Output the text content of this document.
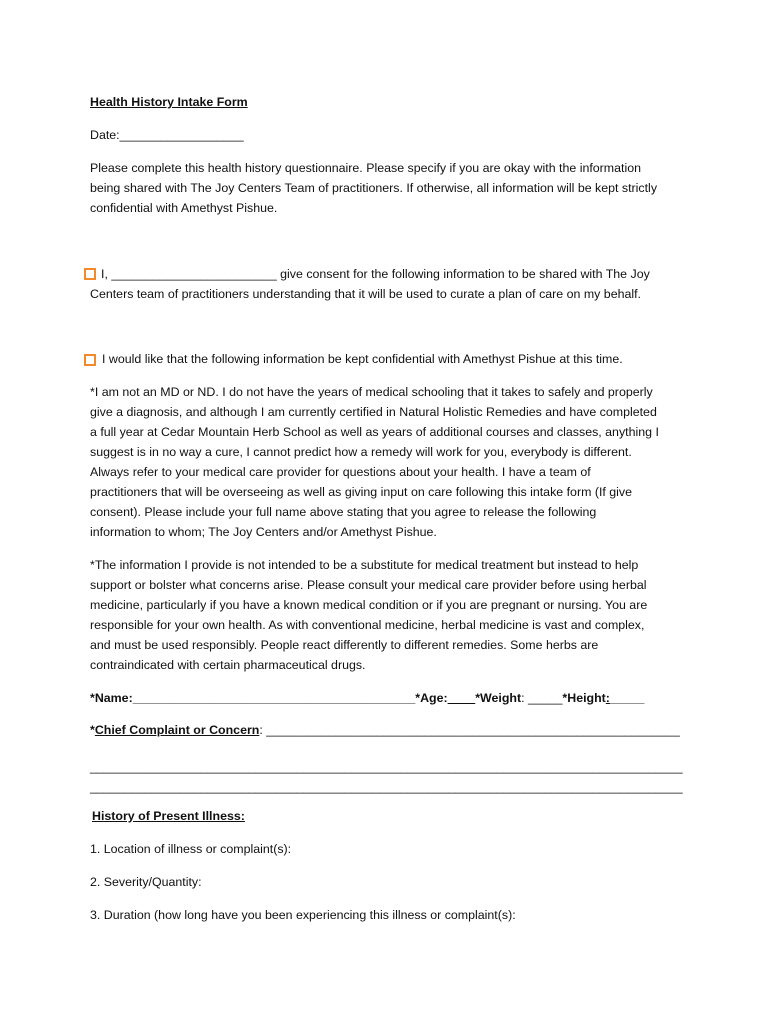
Health History Intake Form
Date:__________________
Please complete this health history questionnaire. Please specify if you are okay with the information
being shared with The Joy Centers Team of practitioners. If otherwise, all information will be kept strictly
confidential with Amethyst Pishue.
I, ________________________ give consent for the following information to be shared with The Joy
Centers team of practitioners understanding that it will be used to curate a plan of care on my behalf.
I would like that the following information be kept confidential with Amethyst Pishue at this time.
*I am not an MD or ND. I do not have the years of medical schooling that it takes to safely and properly
give a diagnosis, and although I am currently certified in Natural Holistic Remedies and have completed
a full year at Cedar Mountain Herb School as well as years of additional courses and classes, anything I
suggest is in no way a cure, I cannot predict how a remedy will work for you, everybody is different.
Always refer to your medical care provider for questions about your health. I have a team of
practitioners that will be overseeing as well as giving input on care following this intake form (If give
consent). Please include your full name above stating that you agree to release the following
information to whom; The Joy Centers and/or Amethyst Pishue.
*The information I provide is not intended to be a substitute for medical treatment but instead to help
support or bolster what concerns arise. Please consult your medical care provider before using herbal
medicine, particularly if you have a known medical condition or if you are pregnant or nursing. You are
responsible for your own health. As with conventional medicine, herbal medicine is vast and complex,
and must be used responsibly. People react differently to different remedies. Some herbs are
contraindicated with certain pharmaceutical drugs.
*Name:_________________________________________*Age:____*Weight: _____*Height:_____
*Chief Complaint or Concern: ____________________________________________________________
______________________________________________________________________________________
______________________________________________________________________________________
History of Present Illness:
1. Location of illness or complaint(s):
2. Severity/Quantity:
3. Duration (how long have you been experiencing this illness or complaint(s):
